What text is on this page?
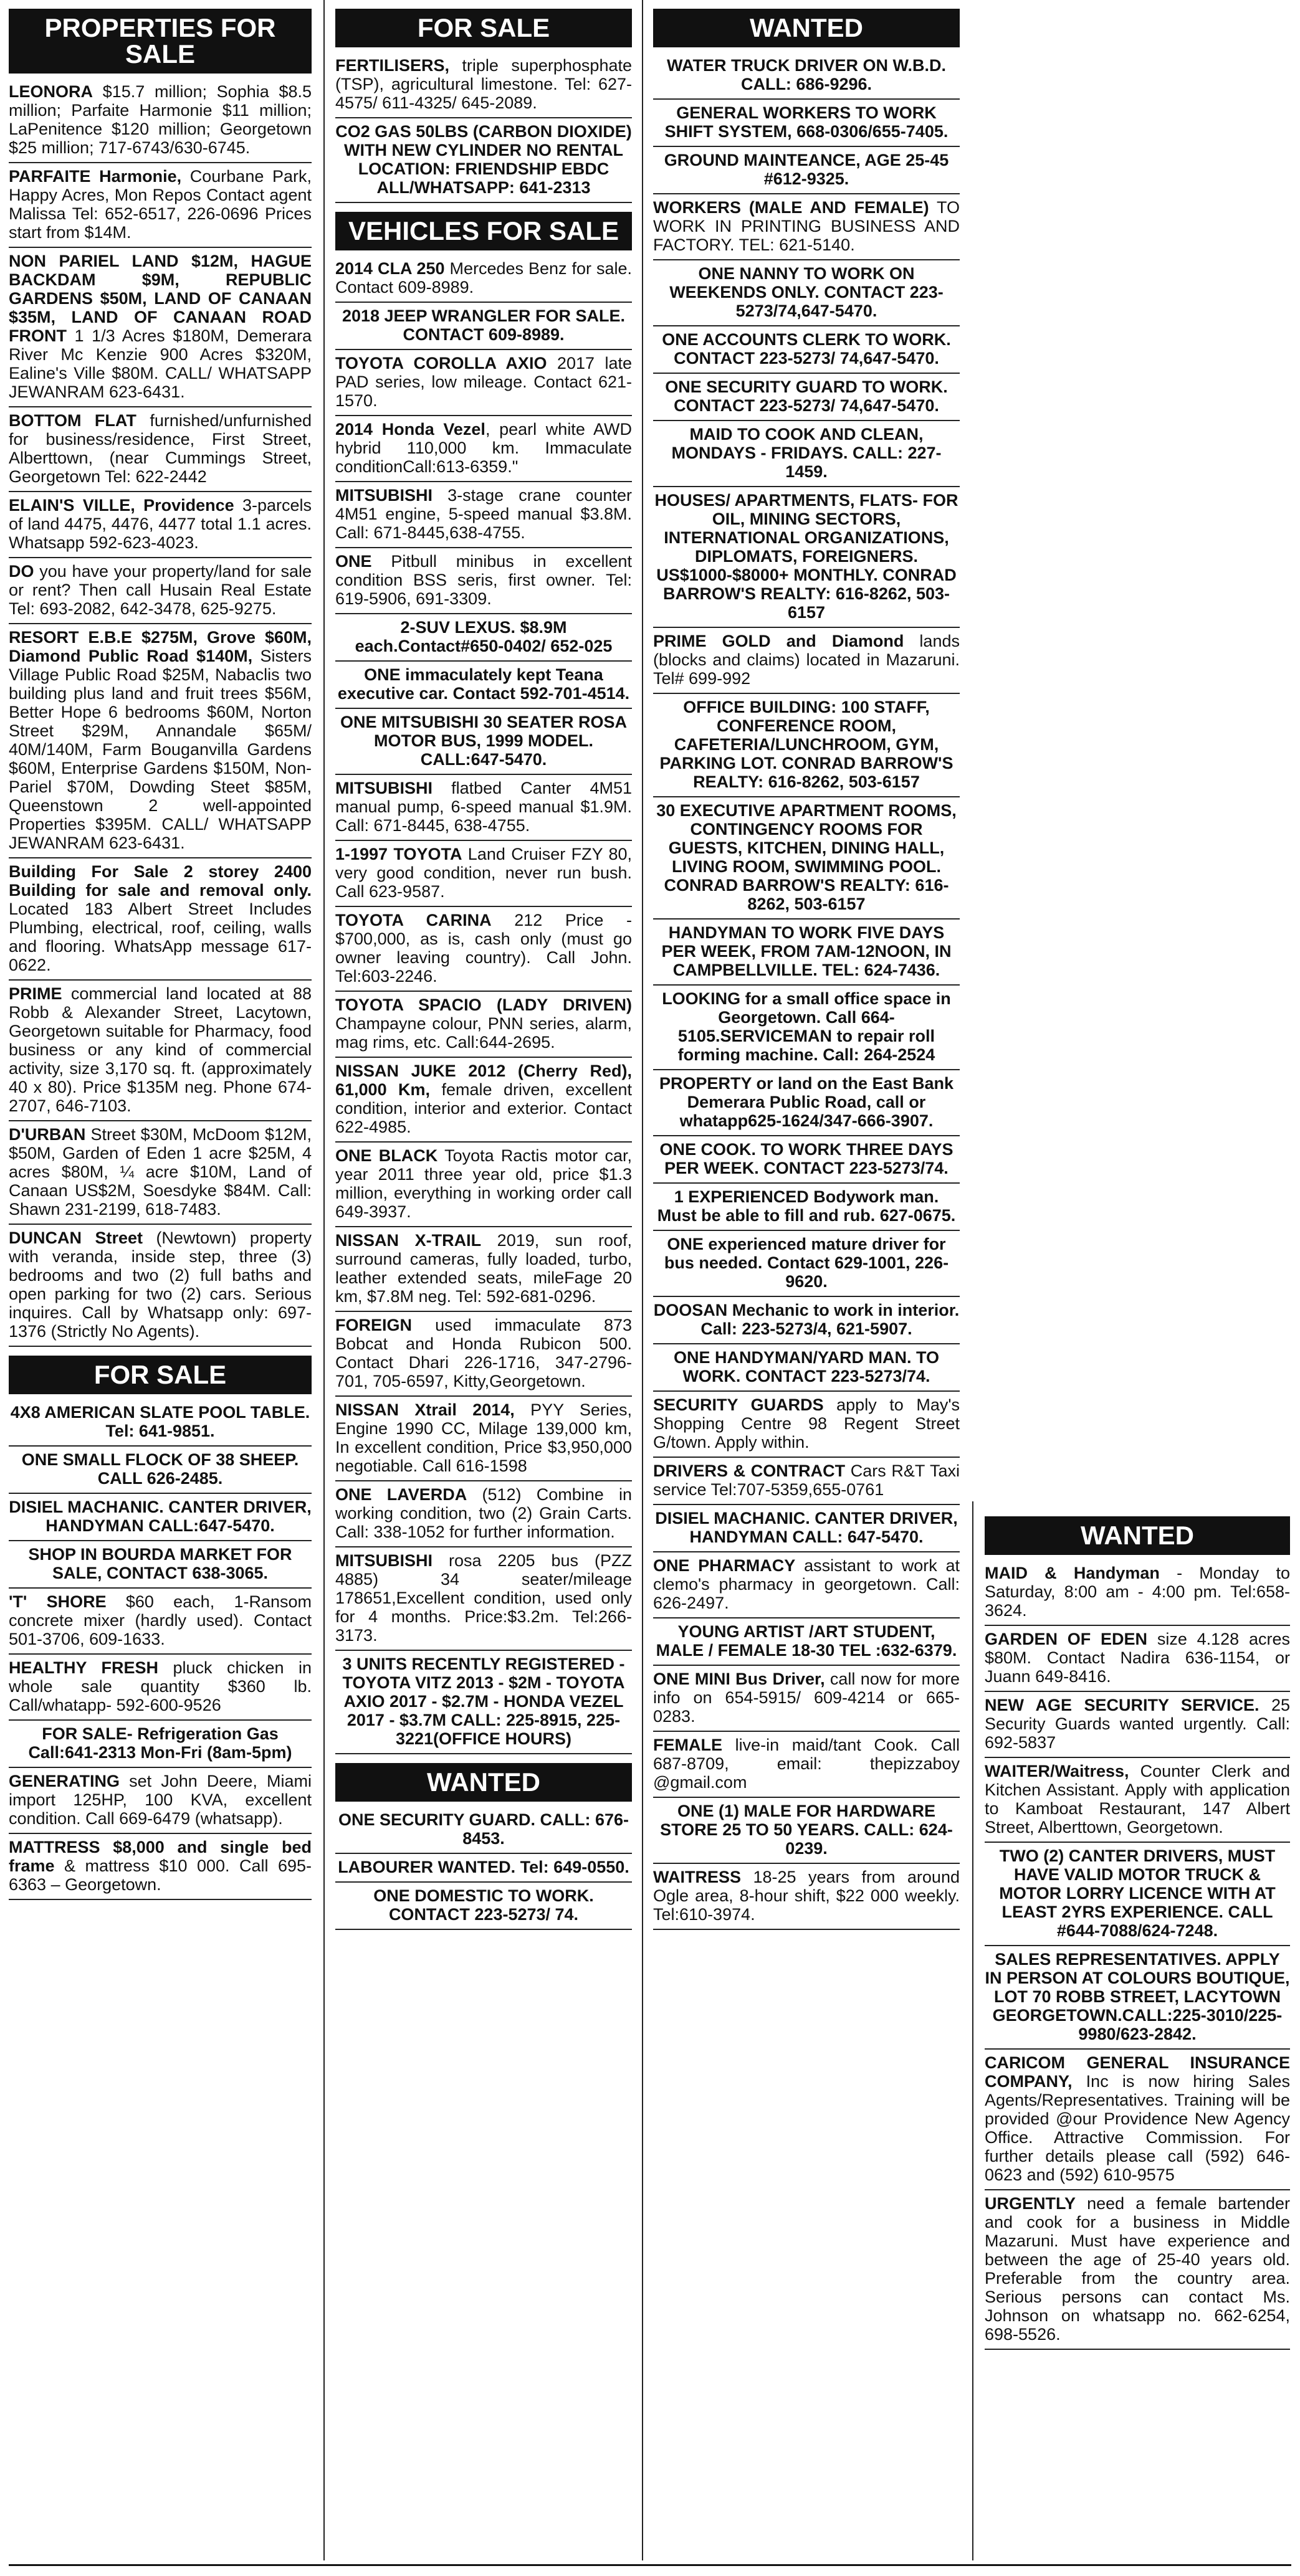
PROPERTIES FOR SALE
LEONORA $15.7 million; Sophia $8.5 million; Parfaite Harmonie $11 million; LaPenitence $120 million; Georgetown $25 million; 717-6743/630-6745.
PARFAITE Harmonie, Courbane Park, Happy Acres, Mon Repos Contact agent Malissa Tel: 652-6517, 226-0696 Prices start from $14M.
NON PARIEL LAND $12M, HAGUE BACKDAM $9M, REPUBLIC GARDENS $50M, LAND OF CANAAN $35M, LAND OF CANAAN ROAD FRONT 1 1/3 Acres $180M, Demerara River Mc Kenzie 900 Acres $320M, Ealine's Ville $80M. CALL/ WHATSAPP JEWANRAM 623-6431.
BOTTOM FLAT furnished/unfurnished for business/residence, First Street, Alberttown, (near Cummings Street, Georgetown Tel: 622-2442
ELAIN'S VILLE, Providence 3-parcels of land 4475, 4476, 4477 total 1.1 acres. Whatsapp 592-623-4023.
DO you have your property/land for sale or rent? Then call Husain Real Estate Tel: 693-2082, 642-3478, 625-9275.
RESORT E.B.E $275M, Grove $60M, Diamond Public Road $140M, Sisters Village Public Road $25M, Nabaclis two building plus land and fruit trees $56M, Better Hope 6 bedrooms $60M, Norton Street $29M, Annandale $65M/ 40M/140M, Farm Bouganvilla Gardens $60M, Enterprise Gardens $150M, Non-Pariel $70M, Dowding Steet $85M, Queenstown 2 well-appointed Properties $395M. CALL/ WHATSAPP JEWANRAM 623-6431.
Building For Sale 2 storey 2400 Building for sale and removal only. Located 183 Albert Street Includes Plumbing, electrical, roof, ceiling, walls and flooring. WhatsApp message 617-0622.
PRIME commercial land located at 88 Robb & Alexander Street, Lacytown, Georgetown suitable for Pharmacy, food business or any kind of commercial activity, size 3,170 sq. ft. (approximately 40 x 80). Price $135M neg. Phone 674-2707, 646-7103.
D'URBAN Street $30M, McDoom $12M, $50M, Garden of Eden 1 acre $25M, 4 acres $80M, ¼ acre $10M, Land of Canaan US$2M, Soesdyke $84M. Call: Shawn 231-2199, 618-7483.
DUNCAN Street (Newtown) property with veranda, inside step, three (3) bedrooms and two (2) full baths and open parking for two (2) cars. Serious inquires. Call by Whatsapp only: 697-1376 (Strictly No Agents).
FOR SALE
4X8 AMERICAN SLATE POOL TABLE. Tel: 641-9851.
ONE SMALL FLOCK OF 38 SHEEP. CALL 626-2485.
DISIEL MACHANIC. CANTER DRIVER, HANDYMAN CALL:647-5470.
SHOP IN BOURDA MARKET FOR SALE, CONTACT 638-3065.
'T' SHORE $60 each, 1-Ransom concrete mixer (hardly used). Contact 501-3706, 609-1633.
HEALTHY FRESH pluck chicken in whole sale quantity $360 lb. Call/whatapp- 592-600-9526
FOR SALE- Refrigeration Gas Call:641-2313 Mon-Fri (8am-5pm)
GENERATING set John Deere, Miami import 125HP, 100 KVA, excellent condition. Call 669-6479 (whatsapp).
MATTRESS $8,000 and single bed frame & mattress $10 000. Call 695-6363 – Georgetown.
FOR SALE
FERTILISERS, triple superphosphate (TSP), agricultural limestone. Tel: 627-4575/ 611-4325/ 645-2089.
CO2 GAS 50LBS (CARBON DIOXIDE) WITH NEW CYLINDER NO RENTAL LOCATION: FRIENDSHIP EBDC ALL/WHATSAPP: 641-2313
VEHICLES FOR SALE
2014 CLA 250 Mercedes Benz for sale. Contact 609-8989.
2018 JEEP WRANGLER FOR SALE. CONTACT 609-8989.
TOYOTA COROLLA AXIO 2017 late PAD series, low mileage. Contact 621-1570.
2014 Honda Vezel, pearl white AWD hybrid 110,000 km. Immaculate conditionCall:613-6359."
MITSUBISHI 3-stage crane counter 4M51 engine, 5-speed manual $3.8M. Call: 671-8445,638-4755.
ONE Pitbull minibus in excellent condition BSS seris, first owner. Tel: 619-5906, 691-3309.
2-SUV LEXUS. $8.9M each.Contact#650-0402/ 652-025
ONE immaculately kept Teana executive car. Contact 592-701-4514.
ONE MITSUBISHI 30 SEATER ROSA MOTOR BUS, 1999 MODEL. CALL:647-5470.
MITSUBISHI flatbed Canter 4M51 manual pump, 6-speed manual $1.9M. Call: 671-8445, 638-4755.
1-1997 TOYOTA Land Cruiser FZY 80, very good condition, never run bush. Call 623-9587.
TOYOTA CARINA 212 Price - $700,000, as is, cash only (must go owner leaving country). Call John. Tel:603-2246.
TOYOTA SPACIO (LADY DRIVEN) Champayne colour, PNN series, alarm, mag rims, etc. Call:644-2695.
NISSAN JUKE 2012 (Cherry Red), 61,000 Km, female driven, excellent condition, interior and exterior. Contact 622-4985.
ONE BLACK Toyota Ractis motor car, year 2011 three year old, price $1.3 million, everything in working order call 649-3937.
NISSAN X-TRAIL 2019, sun roof, surround cameras, fully loaded, turbo, leather extended seats, mileFage 20 km, $7.8M neg. Tel: 592-681-0296.
FOREIGN used immaculate 873 Bobcat and Honda Rubicon 500. Contact Dhari 226-1716, 347-2796-701, 705-6597, Kitty,Georgetown.
NISSAN Xtrail 2014, PYY Series, Engine 1990 CC, Milage 139,000 km, In excellent condition, Price $3,950,000 negotiable. Call 616-1598
ONE LAVERDA (512) Combine in working condition, two (2) Grain Carts. Call: 338-1052 for further information.
MITSUBISHI rosa 2205 bus (PZZ 4885) 34 seater/mileage 178651,Excellent condition, used only for 4 months. Price:$3.2m. Tel:266-3173.
3 UNITS RECENTLY REGISTERED - TOYOTA VITZ 2013 - $2M - TOYOTA AXIO 2017 - $2.7M - HONDA VEZEL 2017 - $3.7M CALL: 225-8915, 225-3221(OFFICE HOURS)
WANTED
ONE SECURITY GUARD. CALL: 676-8453.
LABOURER WANTED. Tel: 649-0550.
ONE DOMESTIC TO WORK. CONTACT 223-5273/ 74.
WANTED
WATER TRUCK DRIVER ON W.B.D. CALL: 686-9296.
GENERAL WORKERS TO WORK SHIFT SYSTEM, 668-0306/655-7405.
GROUND MAINTEANCE, AGE 25-45 #612-9325.
WORKERS (MALE AND FEMALE) TO WORK IN PRINTING BUSINESS AND FACTORY. TEL: 621-5140.
ONE NANNY TO WORK ON WEEKENDS ONLY. CONTACT 223-5273/74,647-5470.
ONE ACCOUNTS CLERK TO WORK. CONTACT 223-5273/ 74,647-5470.
ONE SECURITY GUARD TO WORK. CONTACT 223-5273/ 74,647-5470.
MAID TO COOK AND CLEAN, MONDAYS - FRIDAYS. CALL: 227-1459.
HOUSES/ APARTMENTS, FLATS- FOR OIL, MINING SECTORS, INTERNATIONAL ORGANIZATIONS, DIPLOMATS, FOREIGNERS. US$1000-$8000+ MONTHLY. CONRAD BARROW'S REALTY: 616-8262, 503-6157
PRIME GOLD and Diamond lands (blocks and claims) located in Mazaruni. Tel# 699-992
OFFICE BUILDING: 100 STAFF, CONFERENCE ROOM, CAFETERIA/LUNCHROOM, GYM, PARKING LOT. CONRAD BARROW'S REALTY: 616-8262, 503-6157
30 EXECUTIVE APARTMENT ROOMS, CONTINGENCY ROOMS FOR GUESTS, KITCHEN, DINING HALL, LIVING ROOM, SWIMMING POOL. CONRAD BARROW'S REALTY: 616-8262, 503-6157
HANDYMAN TO WORK FIVE DAYS PER WEEK, FROM 7AM-12NOON, IN CAMPBELLVILLE. TEL: 624-7436.
LOOKING for a small office space in Georgetown. Call 664-5105.SERVICEMAN to repair roll forming machine. Call: 264-2524
PROPERTY or land on the East Bank Demerara Public Road, call or whatapp625-1624/347-666-3907.
ONE COOK. TO WORK THREE DAYS PER WEEK. CONTACT 223-5273/74.
1 EXPERIENCED Bodywork man. Must be able to fill and rub. 627-0675.
ONE experienced mature driver for bus needed. Contact 629-1001, 226-9620.
DOOSAN Mechanic to work in interior. Call: 223-5273/4, 621-5907.
ONE HANDYMAN/YARD MAN. TO WORK. CONTACT 223-5273/74.
SECURITY GUARDS apply to May's Shopping Centre 98 Regent Street G/town. Apply within.
DRIVERS & CONTRACT Cars R&T Taxi service Tel:707-5359,655-0761
DISIEL MACHANIC. CANTER DRIVER, HANDYMAN CALL: 647-5470.
ONE PHARMACY assistant to work at clemo's pharmacy in georgetown. Call: 626-2497.
YOUNG ARTIST /ART STUDENT, MALE / FEMALE 18-30 TEL :632-6379.
ONE MINI Bus Driver, call now for more info on 654-5915/ 609-4214 or 665-0283.
FEMALE live-in maid/tant Cook. Call 687-8709, email: thepizzaboy @gmail.com
ONE (1) MALE FOR HARDWARE STORE 25 TO 50 YEARS. CALL: 624-0239.
WAITRESS 18-25 years from around Ogle area, 8-hour shift, $22 000 weekly. Tel:610-3974.
WANTED
MAID & Handyman - Monday to Saturday, 8:00 am - 4:00 pm. Tel:658-3624.
GARDEN OF EDEN size 4.128 acres $80M. Contact Nadira 636-1154, or Juann 649-8416.
NEW AGE SECURITY SERVICE. 25 Security Guards wanted urgently. Call: 692-5837
WAITER/Waitress, Counter Clerk and Kitchen Assistant. Apply with application to Kamboat Restaurant, 147 Albert Street, Alberttown, Georgetown.
TWO (2) CANTER DRIVERS, MUST HAVE VALID MOTOR TRUCK & MOTOR LORRY LICENCE WITH AT LEAST 2YRS EXPERIENCE. CALL #644-7088/624-7248.
SALES REPRESENTATIVES. APPLY IN PERSON AT COLOURS BOUTIQUE, LOT 70 ROBB STREET, LACYTOWN GEORGETOWN.CALL:225-3010/225-9980/623-2842.
CARICOM GENERAL INSURANCE COMPANY, Inc is now hiring Sales Agents/Representatives. Training will be provided @our Providence New Agency Office. Attractive Commission. For further details please call (592) 646-0623 and (592) 610-9575
URGENTLY need a female bartender and cook for a business in Middle Mazaruni. Must have experience and between the age of 25-40 years old. Preferable from the country area. Serious persons can contact Ms. Johnson on whatsapp no. 662-6254, 698-5526.
